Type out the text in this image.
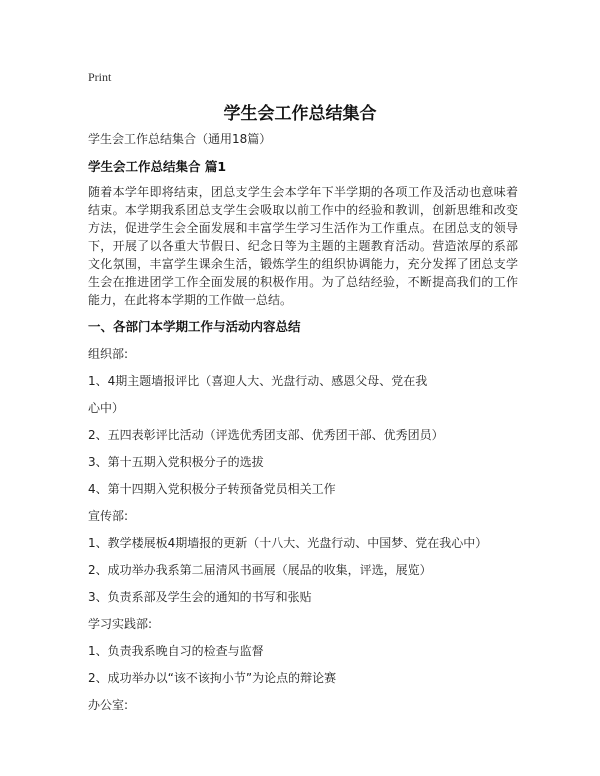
Print
学生会工作总结集合
学生会工作总结集合（通用18篇）
学生会工作总结集合 篇1
随着本学年即将结束，团总支学生会本学年下半学期的各项工作及活动也意味着结束。本学期我系团总支学生会吸取以前工作中的经验和教训，创新思维和改变方法，促进学生会全面发展和丰富学生学习生活作为工作重点。在团总支的领导下，开展了以各重大节假日、纪念日等为主题的主题教育活动。营造浓厚的系部文化氛围，丰富学生课余生活，锻炼学生的组织协调能力，充分发挥了团总支学生会在推进团学工作全面发展的积极作用。为了总结经验，不断提高我们的工作能力，在此将本学期的工作做一总结。
一、各部门本学期工作与活动内容总结
组织部:
1、4期主题墙报评比（喜迎人大、光盘行动、感恩父母、党在我
心中）
2、五四表彰评比活动（评选优秀团支部、优秀团干部、优秀团员）
3、第十五期入党积极分子的选拔
4、第十四期入党积极分子转预备党员相关工作
宣传部:
1、教学楼展板4期墙报的更新（十八大、光盘行动、中国梦、党在我心中）
2、成功举办我系第二届清风书画展（展品的收集，评选，展览）
3、负责系部及学生会的通知的书写和张贴
学习实践部:
1、负责我系晚自习的检查与监督
2、成功举办以“该不该拘小节”为论点的辩论赛
办公室:
